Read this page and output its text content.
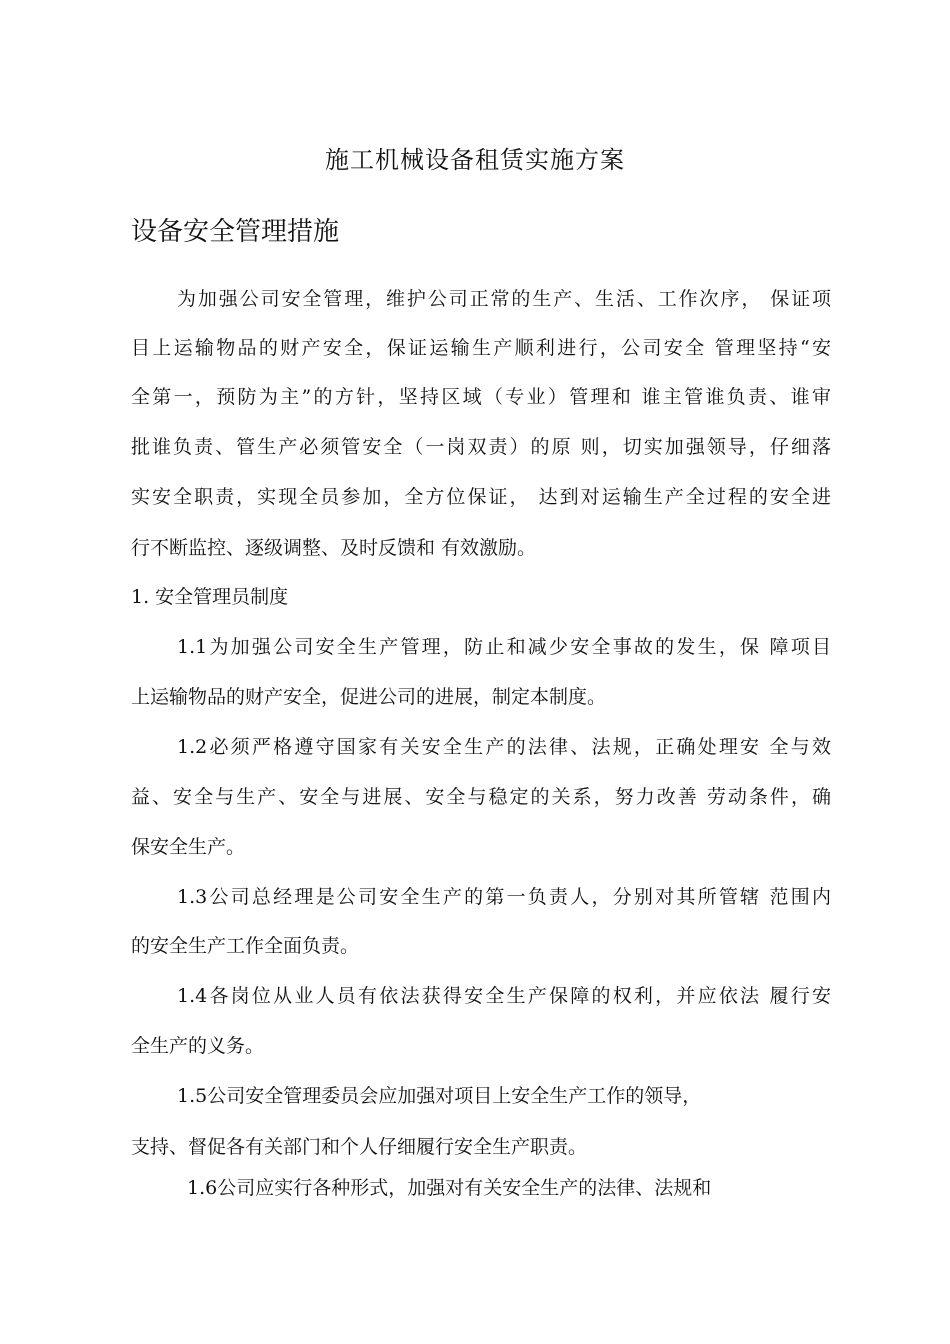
施工机械设备租赁实施方案
设备安全管理措施
为加强公司安全管理，维护公司正常的生产、生活、工作次序， 保证项
目上运输物品的财产安全，保证运输生产顺利进行，公司安全 管理坚持“安
全第一，预防为主”的方针，坚持区域（专业）管理和 谁主管谁负责、谁审
批谁负责、管生产必须管安全（一岗双责）的原 则，切实加强领导，仔细落
实安全职责，实现全员参加，全方位保证， 达到对运输生产全过程的安全进
行不断监控、逐级调整、及时反馈和 有效激励。
1. 安全管理员制度
1.1为加强公司安全生产管理，防止和减少安全事故的发生，保 障项目
上运输物品的财产安全，促进公司的进展，制定本制度。
1.2必须严格遵守国家有关安全生产的法律、法规，正确处理安 全与效
益、安全与生产、安全与进展、安全与稳定的关系，努力改善 劳动条件，确
保安全生产。
1.3公司总经理是公司安全生产的第一负责人，分别对其所管辖 范围内
的安全生产工作全面负责。
1.4各岗位从业人员有依法获得安全生产保障的权利，并应依法 履行安
全生产的义务。
1.5公司安全管理委员会应加强对项目上安全生产工作的领导，
支持、督促各有关部门和个人仔细履行安全生产职责。
1.6公司应实行各种形式，加强对有关安全生产的法律、法规和
